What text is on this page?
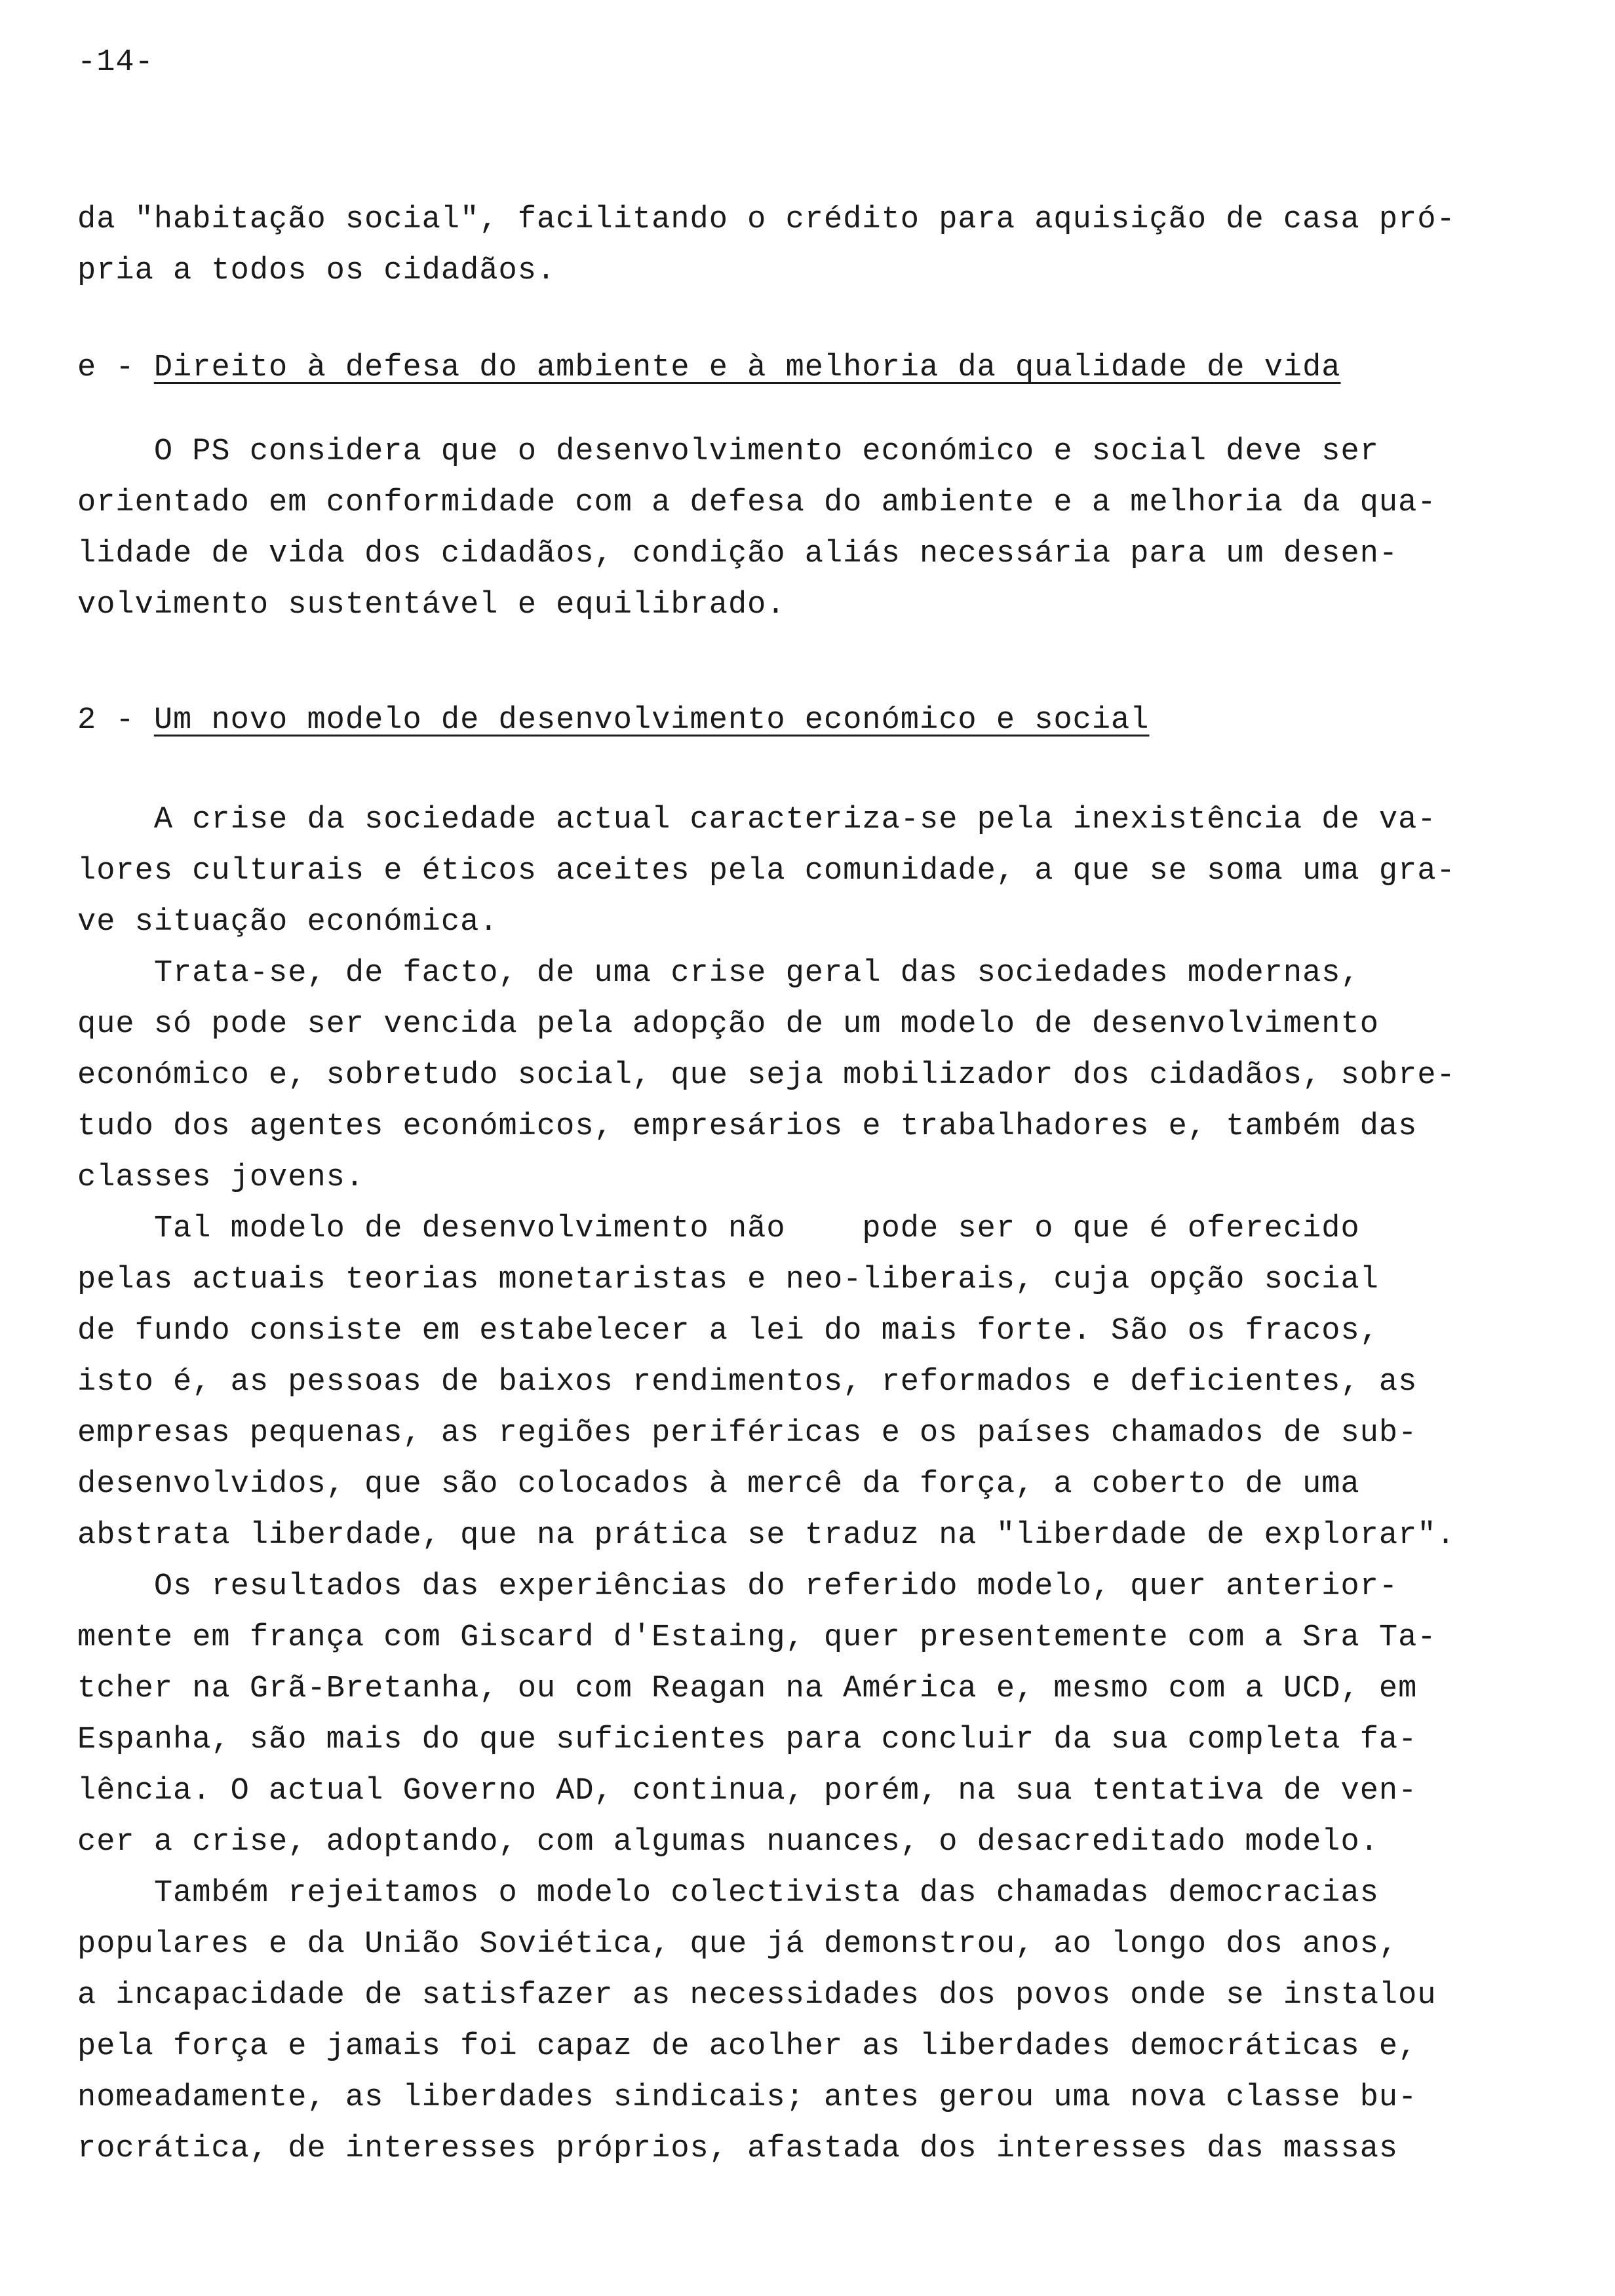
-14-
da "habitação social", facilitando o crédito para aquisição de casa pró-
pria a todos os cidadãos.
e - Direito à defesa do ambiente e à melhoria da qualidade de vida
O PS considera que o desenvolvimento económico e social deve ser
orientado em conformidade com a defesa do ambiente e a melhoria da qua-
lidade de vida dos cidadãos, condição aliás necessária para um desen-
volvimento sustentável e equilibrado.
2 - Um novo modelo de desenvolvimento económico e social
A crise da sociedade actual caracteriza-se pela inexistência de va-
lores culturais e éticos aceites pela comunidade, a que se soma uma gra-
ve situação económica.
Trata-se, de facto, de uma crise geral das sociedades modernas,
que só pode ser vencida pela adopção de um modelo de desenvolvimento
económico e, sobretudo social, que seja mobilizador dos cidadãos, sobre-
tudo dos agentes económicos, empresários e trabalhadores e, também das
classes jovens.
Tal modelo de desenvolvimento não    pode ser o que é oferecido
pelas actuais teorias monetaristas e neo-liberais, cuja opção social
de fundo consiste em estabelecer a lei do mais forte. São os fracos,
isto é, as pessoas de baixos rendimentos, reformados e deficientes, as
empresas pequenas, as regiões periféricas e os países chamados de sub-
desenvolvidos, que são colocados à mercê da força, a coberto de uma
abstrata liberdade, que na prática se traduz na "liberdade de explorar".
Os resultados das experiências do referido modelo, quer anterior-
mente em frança com Giscard d'Estaing, quer presentemente com a Sra Ta-
tcher na Grã-Bretanha, ou com Reagan na América e, mesmo com a UCD, em
Espanha, são mais do que suficientes para concluir da sua completa fa-
lência. O actual Governo AD, continua, porém, na sua tentativa de ven-
cer a crise, adoptando, com algumas nuances, o desacreditado modelo.
Também rejeitamos o modelo colectivista das chamadas democracias
populares e da União Soviética, que já demonstrou, ao longo dos anos,
a incapacidade de satisfazer as necessidades dos povos onde se instalou
pela força e jamais foi capaz de acolher as liberdades democráticas e,
nomeadamente, as liberdades sindicais; antes gerou uma nova classe bu-
rocrática, de interesses próprios, afastada dos interesses das massas
